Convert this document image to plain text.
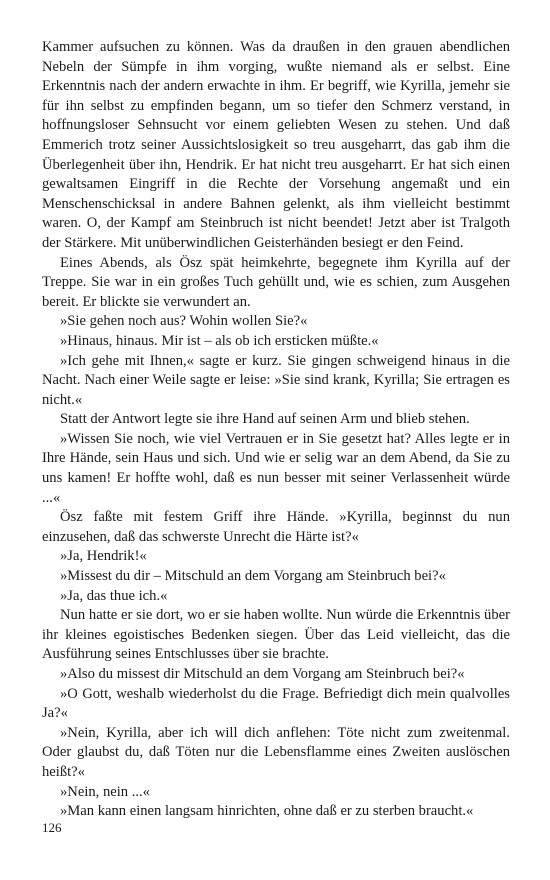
Kammer aufsuchen zu können. Was da draußen in den grauen abendlichen Nebeln der Sümpfe in ihm vorging, wußte niemand als er selbst. Eine Erkenntnis nach der andern erwachte in ihm. Er begriff, wie Kyrilla, jemehr sie für ihn selbst zu empfinden begann, um so tiefer den Schmerz verstand, in hoffnungsloser Sehnsucht vor einem geliebten Wesen zu stehen. Und daß Emmerich trotz seiner Aussichtslosigkeit so treu ausgeharrt, das gab ihm die Überlegenheit über ihn, Hendrik. Er hat nicht treu ausgeharrt. Er hat sich einen gewaltsamen Eingriff in die Rechte der Vorsehung angemaßt und ein Menschenschicksal in andere Bahnen gelenkt, als ihm vielleicht bestimmt waren. O, der Kampf am Steinbruch ist nicht beendet! Jetzt aber ist Tralgoth der Stärkere. Mit unüberwindlichen Geisterhänden besiegt er den Feind.

Eines Abends, als Ösz spät heimkehrte, begegnete ihm Kyrilla auf der Treppe. Sie war in ein großes Tuch gehüllt und, wie es schien, zum Ausgehen bereit. Er blickte sie verwundert an.

»Sie gehen noch aus? Wohin wollen Sie?«

»Hinaus, hinaus. Mir ist – als ob ich ersticken müßte.«

»Ich gehe mit Ihnen,« sagte er kurz. Sie gingen schweigend hinaus in die Nacht. Nach einer Weile sagte er leise: »Sie sind krank, Kyrilla; Sie ertragen es nicht.«

Statt der Antwort legte sie ihre Hand auf seinen Arm und blieb stehen.

»Wissen Sie noch, wie viel Vertrauen er in Sie gesetzt hat? Alles legte er in Ihre Hände, sein Haus und sich. Und wie er selig war an dem Abend, da Sie zu uns kamen! Er hoffte wohl, daß es nun besser mit seiner Verlassenheit würde ...«

Ösz faßte mit festem Griff ihre Hände. »Kyrilla, beginnst du nun einzusehen, daß das schwerste Unrecht die Härte ist?«

»Ja, Hendrik!«

»Missest du dir – Mitschuld an dem Vorgang am Steinbruch bei?«

»Ja, das thue ich.«

Nun hatte er sie dort, wo er sie haben wollte. Nun würde die Erkenntnis über ihr kleines egoistisches Bedenken siegen. Über das Leid vielleicht, das die Ausführung seines Entschlusses über sie brachte.

»Also du missest dir Mitschuld an dem Vorgang am Steinbruch bei?«

»O Gott, weshalb wiederholst du die Frage. Befriedigt dich mein qualvolles Ja?«

»Nein, Kyrilla, aber ich will dich anflehen: Töte nicht zum zweitenmal. Oder glaubst du, daß Töten nur die Lebensflamme eines Zweiten auslöschen heißt?«

»Nein, nein ...«

»Man kann einen langsam hinrichten, ohne daß er zu sterben braucht.«

126
